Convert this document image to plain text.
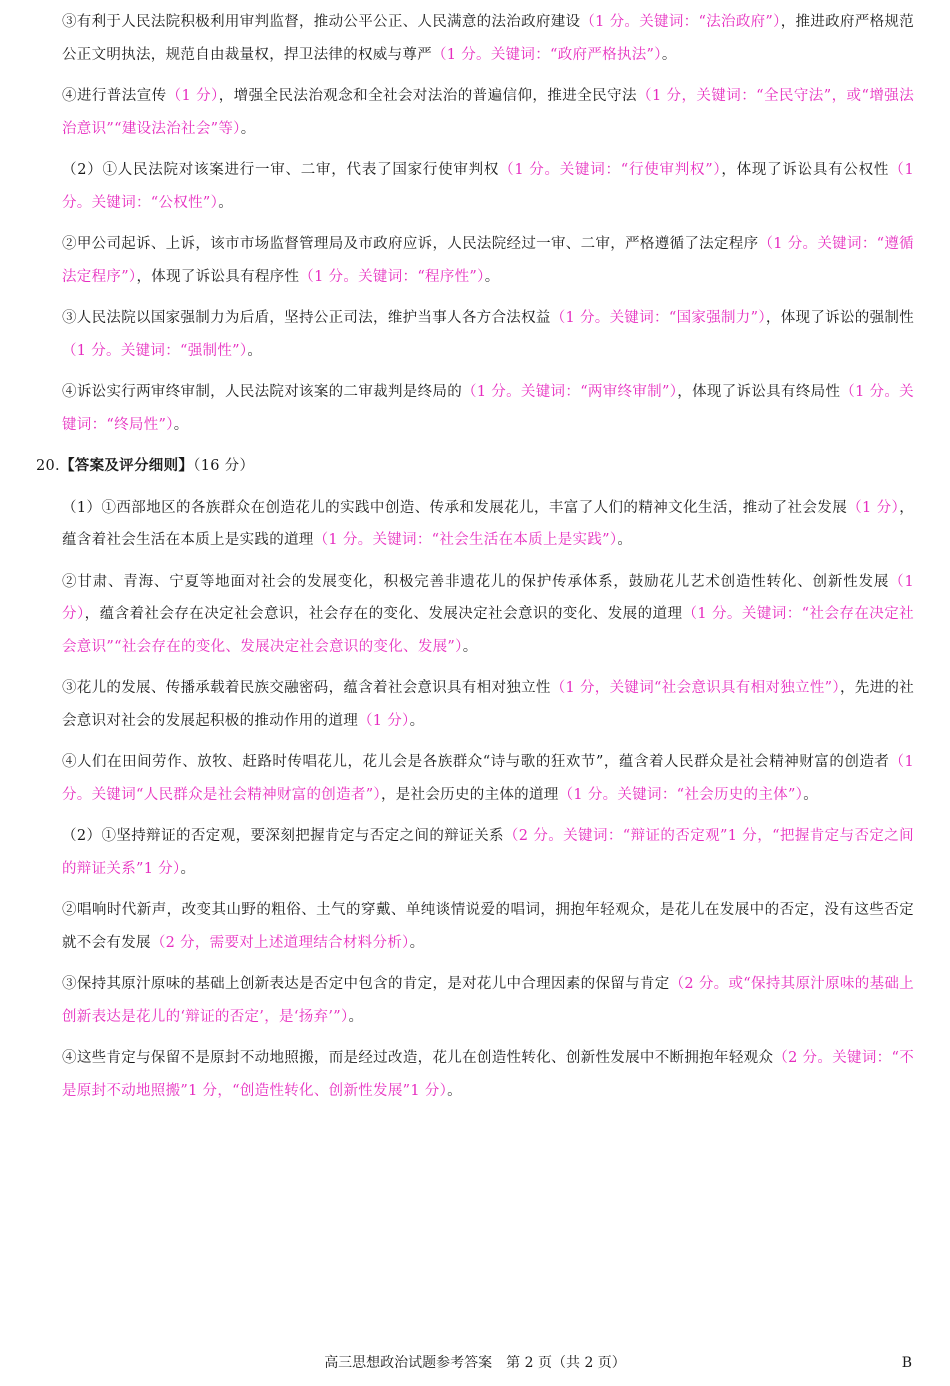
③有利于人民法院积极利用审判监督，推动公平公正、人民满意的法治政府建设（1 分。关键词：“法治政府”），推进政府严格规范公正文明执法，规范自由裁量权，捍卫法律的权威与尊严（1 分。关键词：“政府严格执法”）。
④进行普法宣传（1 分），增强全民法治观念和全社会对法治的普遍信仰，推进全民守法（1 分，关键词：“全民守法”，或“增强法治意识”“建设法治社会”等）。
（2）①人民法院对该案进行一审、二审，代表了国家行使审判权（1 分。关键词：“行使审判权”），体现了诉讼具有公权性（1 分。关键词：“公权性”）。
②甲公司起诉、上诉，该市市场监督管理局及市政府应诉，人民法院经过一审、二审，严格遵循了法定程序（1 分。关键词：“遵循法定程序”），体现了诉讼具有程序性（1 分。关键词：“程序性”）。
③人民法院以国家强制力为后盾，坚持公正司法，维护当事人各方合法权益（1 分。关键词：“国家强制力”），体现了诉讼的强制性（1 分。关键词：“强制性”）。
④诉讼实行两审终审制，人民法院对该案的二审裁判是终局的（1 分。关键词：“两审终审制”），体现了诉讼具有终局性（1 分。关键词：“终局性”）。
20.【答案及评分细则】（16 分）
（1）①西部地区的各族群众在创造花儿的实践中创造、传承和发展花儿，丰富了人们的精神文化生活，推动了社会发展（1 分），蕴含着社会生活在本质上是实践的道理（1 分。关键词：“社会生活在本质上是实践”）。
②甘肃、青海、宁夏等地面对社会的发展变化，积极完善非遗花儿的保护传承体系，鼓励花儿艺术创造性转化、创新性发展（1 分），蕴含着社会存在决定社会意识，社会存在的变化、发展决定社会意识的变化、发展的道理（1 分。关键词：“社会存在决定社会意识”“社会存在的变化、发展决定社会意识的变化、发展”）。
③花儿的发展、传播承载着民族交融密码，蕴含着社会意识具有相对独立性（1 分，关键词“社会意识具有相对独立性”），先进的社会意识对社会的发展起积极的推动作用的道理（1 分）。
④人们在田间劳作、放牧、赶路时传唱花儿，花儿会是各族群众“诗与歌的狂欢节”，蕴含着人民群众是社会精神财富的创造者（1 分。关键词“人民群众是社会精神财富的创造者”），是社会历史的主体的道理（1 分。关键词：“社会历史的主体”）。
（2）①坚持辩证的否定观，要深刻把握肯定与否定之间的辩证关系（2 分。关键词：“辩证的否定观”1 分，“把握肯定与否定之间的辩证关系”1 分）。
②唱响时代新声，改变其山野的粗俗、土气的穿戴、单纯谈情说爱的唱词，拥抱年轻观众，是花儿在发展中的否定，没有这些否定就不会有发展（2 分，需要对上述道理结合材料分析）。
③保持其原汁原味的基础上创新表达是否定中包含的肯定，是对花儿中合理因素的保留与肯定（2 分。或“保持其原汁原味的基础上创新表达是花儿的‘辩证的否定’，是‘扬弃’”）。
④这些肯定与保留不是原封不动地照搬，而是经过改造，花儿在创造性转化、创新性发展中不断拥抱年轻观众（2 分。关键词：“不是原封不动地照搬”1 分，“创造性转化、创新性发展”1 分）。
高三思想政治试题参考答案　第 2 页（共 2 页）	B
